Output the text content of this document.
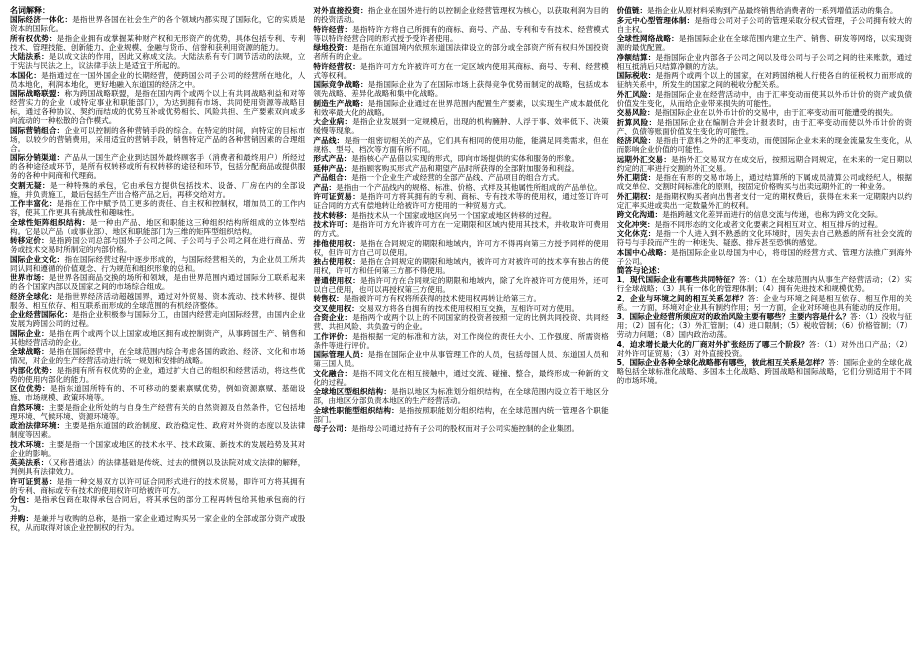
名词解释：
国际经济一体化 ： 是指世界各国在社会生产的各个领域内都实现了国际化，它的实质是资本的国际化。
所有权优势 ： 是指企业拥有或掌握某种财产权和无形资产的优势，具体包括专利、专利技术、管理技能、创新能力、企业规模、金融与货币、信誉和获利用资源的能力。
大陆法系 ： 是以成文法的作用，因此又称成文法。大陆法系有专门调节活动的法规，立于宪法与民法之上，议法律手法上是适宜于所起的。
本国化 ： 是指通过在一国外国企业的长期经营，使跨国公司子公司的经营所在地化，人员本地化，利润本地化，更好地融入东道国的经济之中。
国际战略联盟 ： 称为跨国战略联盟，是指在国内两个或两个以上有共同战略利益和对等经营实力的企业（或特定事业和职能部门），为达到拥有市场、共同使用资源等战略目标，通过各种协议、契约而结成的优势互补或优势相长、风险共担、生产要素双向或多向流动的一种松散的合作模式。
国际营销组合 ： 企业可以控制的各种营销手段的综合。在特定的时间，向特定的目标市场，以较少的营销费用，采用适宜的营销手段，销售特定产品的各种营销因素的合理组合。
国际分销渠道 ： 产品从一国生产企业到达国外最终顾客手（消费者和最终用户）所经过的各种途径或环节，是所有权转移或所有权转移的途径和环节，包括分配商品或提供服务的各种中间商和代理商。
交割无疑 ： 是一种特殊的承包，它由承包方提供包括技术、设备、厂房在内的全部设施，并负责施工，最后包括生产出合格产品之后，再移交给对方。
工作丰富化 ： 是指在工作中赋予员工更多的责任、自主权和控制权，增加员工的工作内容，使其工作更具有挑战性和趣味性。
全球性矩阵组织结构 ： 是一种由产品、地区和职能这三种组织结构所组成的立体型结构。它是以产品（或事业部）、地区和职能部门为三维的矩阵型组织结构。
转移定价 ： 是指跨国公司总部与国外子公司之间、子公司与子公司之间在进行商品、劳务或技术交易时所制定的内部价格。
国际企业文化 ： 指在国际经营过程中逐步形成的，与国际经营相关的，为企业员工所共同认同和遵循的价值观念、行为规范和组织形象的总和。
世界市场 ： 是世界各国商品交换的场所和领域，是由世界范围内通过国际分工联系起来的各个国家内部以及国家之间的市场综合组成。
经济全球化 ： 是指世界经济活动超越国界，通过对外贸易、资本流动、技术转移、提供服务、相互依存、相互联系而形成的全球范围的有机经济整体。
企业经营国际化 ： 是指企业积极参与国际分工，由国内经营走向国际经营，由国内企业发展为跨国公司的过程。
国际企业 ： 是指在两个或两个以上国家或地区拥有或控制资产，从事跨国生产、销售和其他经营活动的企业。
全球战略 ： 是指在国际经营中，在全球范围内综合考虑各国的政治、经济、文化和市场情况，对企业的生产经营活动进行统一规划和安排的战略。
内部化优势 ： 是指拥有所有权优势的企业，通过扩大自己的组织和经营活动，将这些优势的使用内部化的能力。
区位优势 ： 是指东道国所特有的、不可移动的要素禀赋优势，例如资源禀赋、基础设施、市场规模、政策环境等。
自然环境 ： 主要是指企业所处的与自身生产经营有关的自然资源及自然条件，它包括地理环境、气候环境、资源环境等。
政治法律环境 ： 主要是指东道国的政治制度、政治稳定性、政府对外资的态度以及法律制度等因素。
技术环境 ： 主要是指一个国家或地区的技术水平、技术政策、新技术的发展趋势及其对企业的影响。
英美法系 ： （又称普通法）的法律基础是传统、过去的惯例以及法院对成文法律的解释，判例具有法律效力。
许可证贸易 ： 是指一种交易双方以许可证合同形式进行的技术贸易，即许可方将其拥有的专利、商标或专有技术的使用权许可给被许可方。
分包 ： 是指承包商在取得承包合同后，将其承包的部分工程再转包给其他承包商的行为。
并购 ： 是兼并与收购的总称，是指一家企业通过购买另一家企业的全部或部分资产或股权，从而取得对该企业控制权的行为。
对外直接投资 ： 指企业在国外进行的以控制企业经营管理权为核心，以获取利润为目的的投资活动。
特许经营 ： 是指特许方将自己所拥有的商标、商号、产品、专利和专有技术、经营模式等以特许经营合同的形式授予受许者使用。
绿地投资 ： 是指在东道国境内依照东道国法律设立的部分或全部资产所有权归外国投资者所有的企业。
特许经营权 ： 是指许可方允许被许可方在一定区域内使用其商标、商号、专利、经营模式等权利。
国际竞争战略 ： 是指国际企业为了在国际市场上获得竞争优势而制定的战略，包括成本领先战略、差异化战略和集中化战略。
制造生产战略 ： 是指国际企业通过在世界范围内配置生产要素，以实现生产成本最低化和效率最大化的战略。
大企业病 ： 是指企业发展到一定规模后，出现的机构臃肿、人浮于事、效率低下、决策缓慢等现象。
产品线 ： 是指一组密切相关的产品，它们具有相同的使用功能，能满足同类需求，但在规格、型号、档次等方面有所不同。
形式产品 ： 是指核心产品借以实现的形式，即向市场提供的实体和服务的形象。
延伸产品 ： 是指顾客购买形式产品和期望产品时所获得的全部附加服务和利益。
产品组合 ： 是指一个企业生产或经营的全部产品线、产品项目的组合方式。
产品 ： 是指由一个产品线内的规格、标准、价格、式样及其他属性所组成的产品单位。
许可证贸易 ： 是指许可方将其拥有的专利、商标、专有技术等的使用权，通过签订许可证合同的方式有偿地转让给被许可方使用的一种贸易方式。
技术转移 ： 是指技术从一个国家或地区向另一个国家或地区转移的过程。
技术许可 ： 是指许可方允许被许可方在一定期限和区域内使用其技术，并收取许可费用的方式。
排他使用权 ： 是指在合同规定的期限和地域内，许可方不得再向第三方授予同样的使用权，但许可方自己可以使用。
独占使用权 ： 是指在合同规定的期限和地域内，被许可方对被许可的技术享有独占的使用权，许可方和任何第三方都不得使用。
普通使用权 ： 是指许可方在合同规定的期限和地域内，除了允许被许可方使用外，还可以自己使用，也可以再授权第三方使用。
转售权 ： 是指被许可方有权将所获得的技术使用权再转让给第三方。
交叉使用权 ： 交易双方将各自拥有的技术使用权相互交换，互相许可对方使用。
合资企业 ： 是指两个或两个以上的不同国家的投资者按照一定的比例共同投资、共同经营、共担风险、共负盈亏的企业。
工作评价 ： 是指根据一定的标准和方法，对工作岗位的责任大小、工作强度、所需资格条件等进行评价。
国际管理人员 ： 是指在国际企业中从事管理工作的人员，包括母国人员、东道国人员和第三国人员。
文化融合 ： 是指不同文化在相互接触中，通过交流、碰撞、整合，最终形成一种新的文化的过程。
全球地区型组织结构 ： 是指以地区为标准划分组织结构，在全球范围内设立若干地区分部，由地区分部负责本地区的生产经营活动。
全球性职能型组织结构 ： 是指按照职能划分组织结构，在全球范围内统一管理各个职能部门。
母子公司 ： 是指母公司通过持有子公司的股权而对子公司实施控制的企业集团。
价值链 ： 是指企业从原材料采购到产品最终销售给消费者的一系列增值活动的集合。
多元中心型管理体制 ： 是指母公司对子公司的管理采取分权式管理，子公司拥有较大的自主权。
全球性网络战略 ： 是指国际企业在全球范围内建立生产、销售、研发等网络，以实现资源的最优配置。
净额结算 ： 是指国际企业内部各子公司之间以及母公司与子公司之间的往来账款，通过相互抵消后只结算净额的方法。
国际税收 ： 是指两个或两个以上的国家，在对跨国纳税人行使各自的征税权力而形成的征纳关系中，所发生的国家之间的税收分配关系。
外汇风险 ： 是指国际企业在经营活动中，由于汇率变动而使其以外币计价的资产或负债价值发生变化，从而给企业带来损失的可能性。
交易风险 ： 是指国际企业在以外币计价的交易中，由于汇率变动而可能遭受的损失。
折算风险 ： 是指国际企业在编制合并会计报表时，由于汇率变动而使以外币计价的资产、负债等账面价值发生变化的可能性。
经济风险 ： 是指由于意料之外的汇率变动，而使国际企业未来的现金流量发生变化，从而影响企业价值的可能性。
远期外汇交易 ： 是指外汇交易双方在成交后，按照远期合同规定，在未来的一定日期以约定的汇率进行交割的外汇交易。
外汇期货 ： 是指在有形的交易市场上，通过结算所的下属成员清算公司或经纪人，根据成交单位、交割时间标准化的原则，按固定价格购买与出卖远期外汇的一种业务。
外汇期权 ： 是指期权购买者向出售者支付一定的期权费后，获得在未来一定期限内以约定汇率买进或卖出一定数量外汇的权利。
跨文化沟通 ： 是指跨越文化差异而进行的信息交流与传递，也称为跨文化交际。
文化冲突 ： 是指不同形态的文化或者文化要素之间相互对立、相互排斥的过程。
文化休克 ： 是指一个人进入到不熟悉的文化环境时，因失去自己熟悉的所有社会交流的符号与手段而产生的一种迷失、疑惑、排斥甚至恐惧的感觉。
本国中心战略 ： 是指国际企业以母国为中心，将母国的经营方式、管理方法推广到海外子公司。
简答与论述：
1．现代国际企业有哪些共同特征？答：（1）在全球范围内从事生产经营活动；（2）实行全球战略；（3）具有一体化的管理体制；（4）拥有先进技术和规模优势。
2．企业与环境之间的相互关系怎样？答：企业与环境之间是相互依存、相互作用的关系。一方面，环境对企业具有制约作用；另一方面，企业对环境也具有能动的反作用。
3．国际企业经营所须应对的政治风险主要有哪些？主要内容是什么？答：（1）没收与征用；（2）国有化；（3）外汇管制；（4）进口限制；（5）税收管制；（6）价格管制；（7）劳动力问题；（8）国内政治动荡。
4．迫求增长最大化的厂商对外扩张经历了哪三个阶段？答：（1）对外出口产品；（2）对外许可证贸易；（3）对外直接投资。
5．国际企业各种全球化战略都有哪些，彼此相互关系是怎样？答：国际企业的全球化战略包括全球标准化战略、多国本土化战略、跨国战略和国际战略，它们分别适用于不同的市场环境。
